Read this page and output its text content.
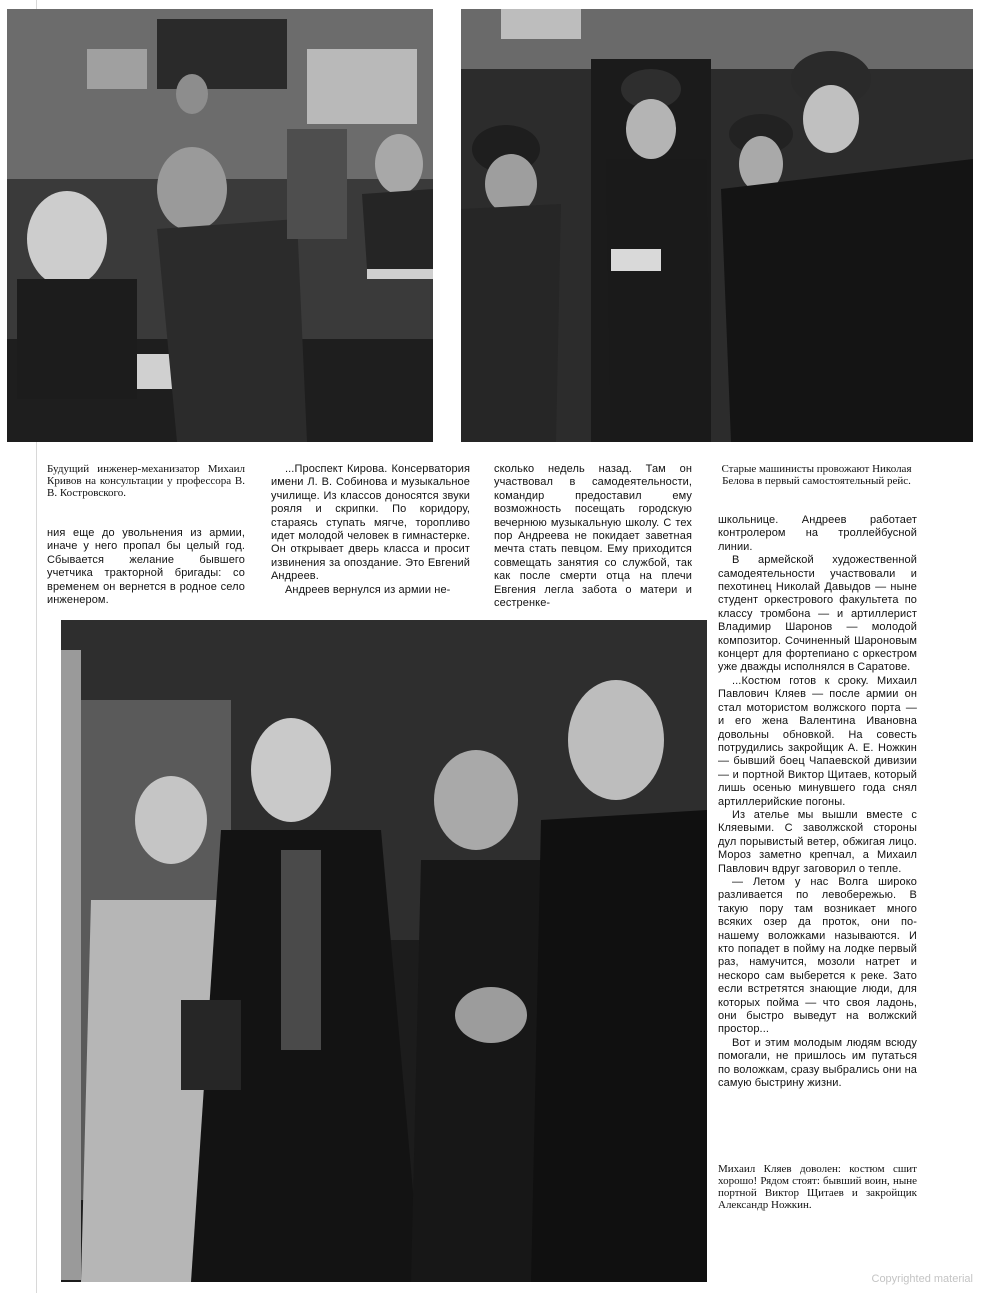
Будущий инженер-механизатор Михаил Кривов на консультации у профессора В. В. Костровского.

Старые машинисты провожают Николая Белова в первый самостоятельный рейс.

ния еще до увольнения из армии, иначе у него пропал бы целый год. Сбывается желание бывшего учетчика тракторной бригады: со временем он вернется в родное село инженером.

...Проспект Кирова. Консерватория имени Л. В. Собинова и музыкальное училище. Из классов доносятся звуки рояля и скрипки. По коридору, стараясь ступать мягче, торопливо идет молодой человек в гимнастерке. Он открывает дверь класса и просит извинения за опоздание. Это Евгений Андреев.

Андреев вернулся из армии не-

сколько недель назад. Там он участвовал в самодеятельности, командир предоставил ему возможность посещать городскую вечернюю музыкальную школу. С тех пор Андреева не покидает заветная мечта стать певцом. Ему приходится совмещать занятия со службой, так как после смерти отца на плечи Евгения легла забота о матери и сестренке-

школьнице. Андреев работает контролером на троллейбусной линии.

В армейской художественной самодеятельности участвовали и пехотинец Николай Давыдов — ныне студент оркестрового факультета по классу тромбона — и артиллерист Владимир Шаронов — молодой композитор. Сочиненный Шароновым концерт для фортепиано с оркестром уже дважды исполнялся в Саратове.

...Костюм готов к сроку. Михаил Павлович Кляев — после армии он стал мотористом волжского порта — и его жена Валентина Ивановна довольны обновкой. На совесть потрудились закройщик А. Е. Ножкин — бывший боец Чапаевской дивизии — и портной Виктор Щитаев, который лишь осенью минувшего года снял артиллерийские погоны.

Из ателье мы вышли вместе с Кляевыми. С заволжской стороны дул порывистый ветер, обжигая лицо. Мороз заметно крепчал, а Михаил Павлович вдруг заговорил о тепле.

— Летом у нас Волга широко разливается по левобережью. В такую пору там возникает много всяких озер да проток, они по-нашему воложками называются. И кто попадет в пойму на лодке первый раз, намучится, мозоли натрет и нескоро сам выберется к реке. Зато если встретятся знающие люди, для которых пойма — что своя ладонь, они быстро выведут на волжский простор...

Вот и этим молодым людям всюду помогали, не пришлось им путаться по воложкам, сразу выбрались они на самую быстрину жизни.

Михаил Кляев доволен: костюм сшит хорошо! Рядом стоят: бывший воин, ныне портной Виктор Щитаев и закройщик Александр Ножкин.

Copyrighted material
